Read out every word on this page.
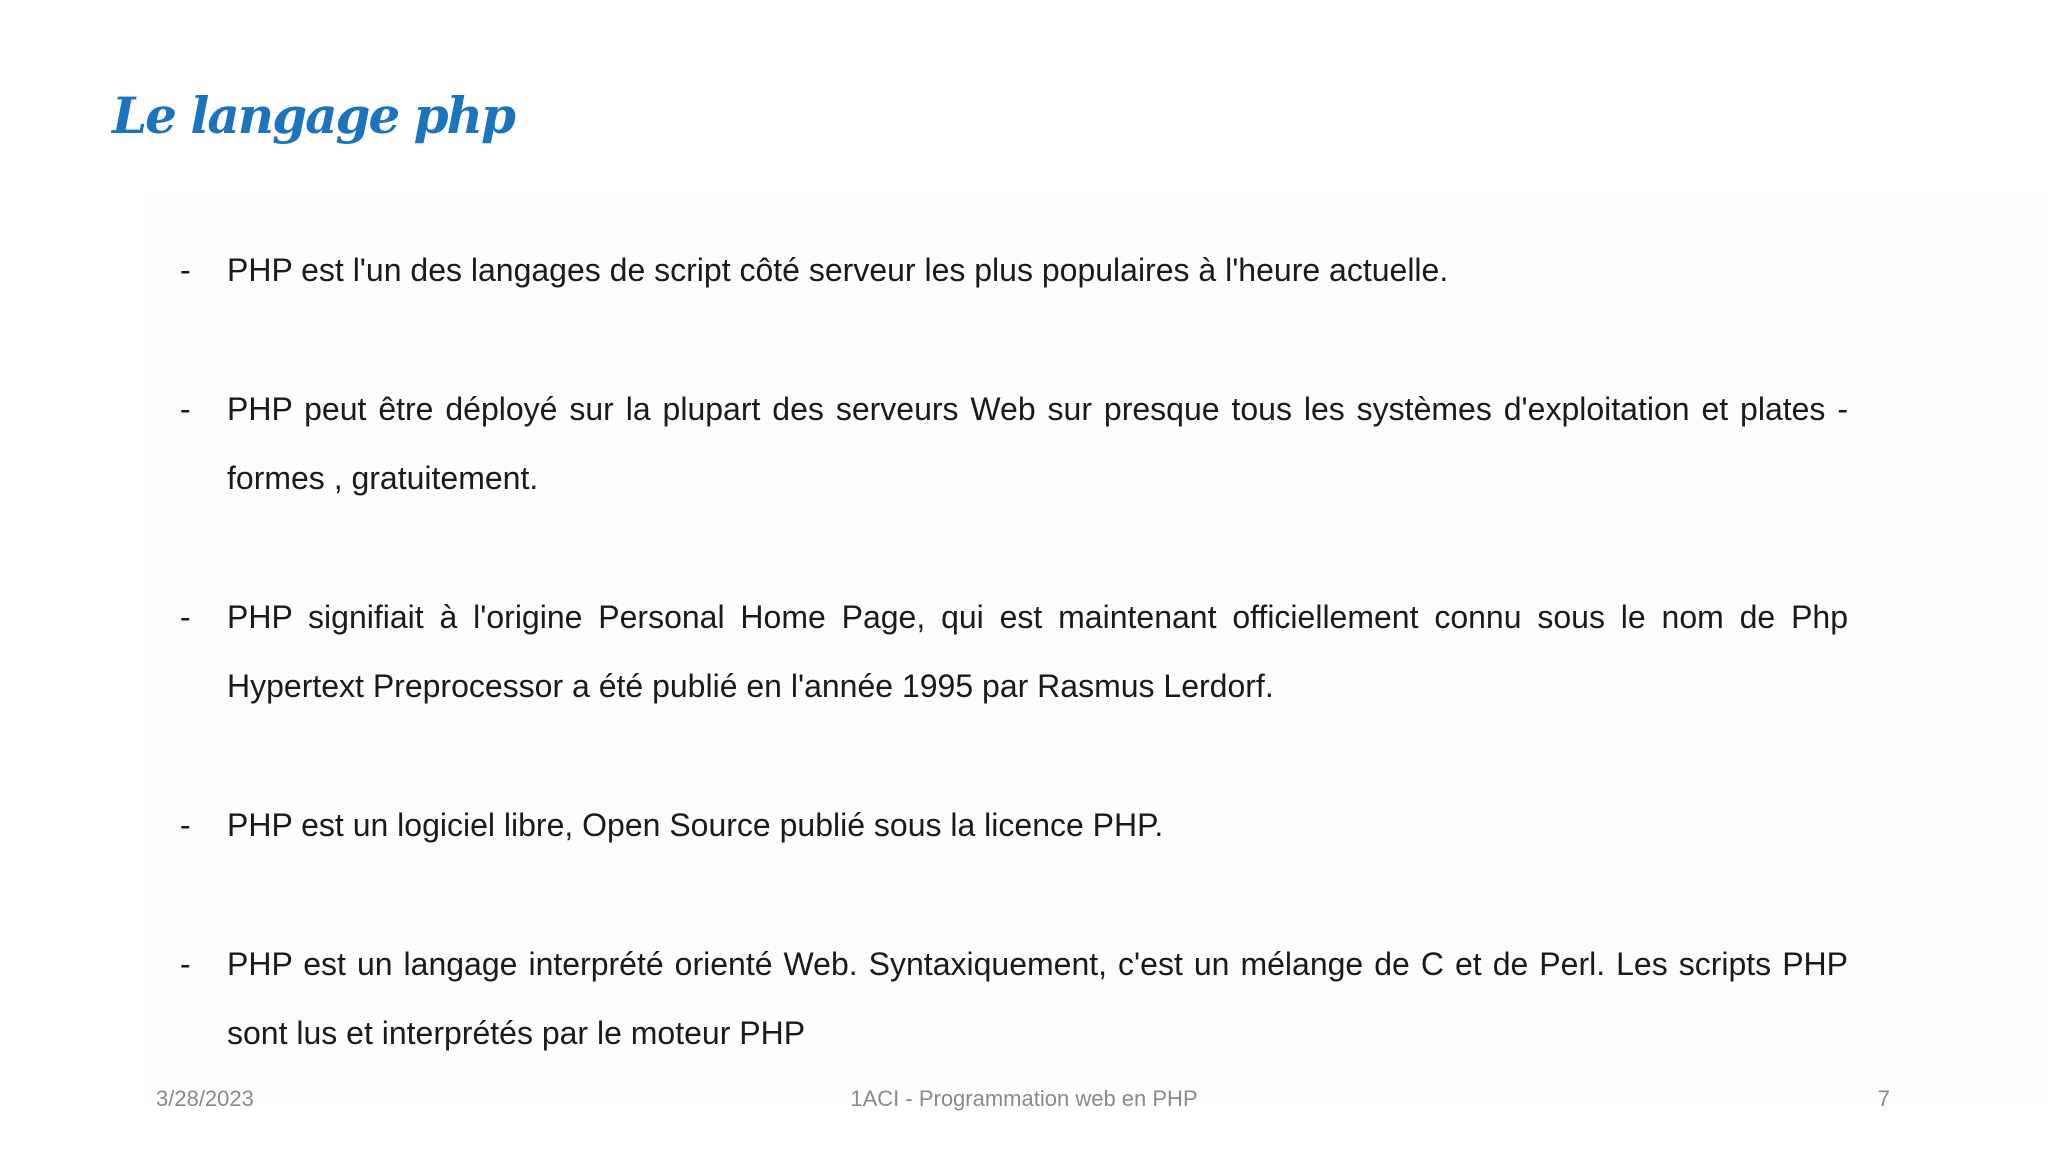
Le langage php
- PHP est l'un des langages de script côté serveur les plus populaires à l'heure actuelle.
- PHP peut être déployé sur la plupart des serveurs Web sur presque tous les systèmes d'exploitation et plates - formes , gratuitement.
- PHP signifiait à l'origine Personal Home Page, qui est maintenant officiellement connu sous le nom de Php Hypertext Preprocessor a été publié en l'année 1995 par Rasmus Lerdorf.
- PHP est un logiciel libre, Open Source publié sous la licence PHP.
- PHP est un langage interprété orienté Web. Syntaxiquement, c'est un mélange de C et de Perl. Les scripts PHP sont lus et interprétés par le moteur PHP
3/28/2023	1ACI - Programmation web en PHP	7
